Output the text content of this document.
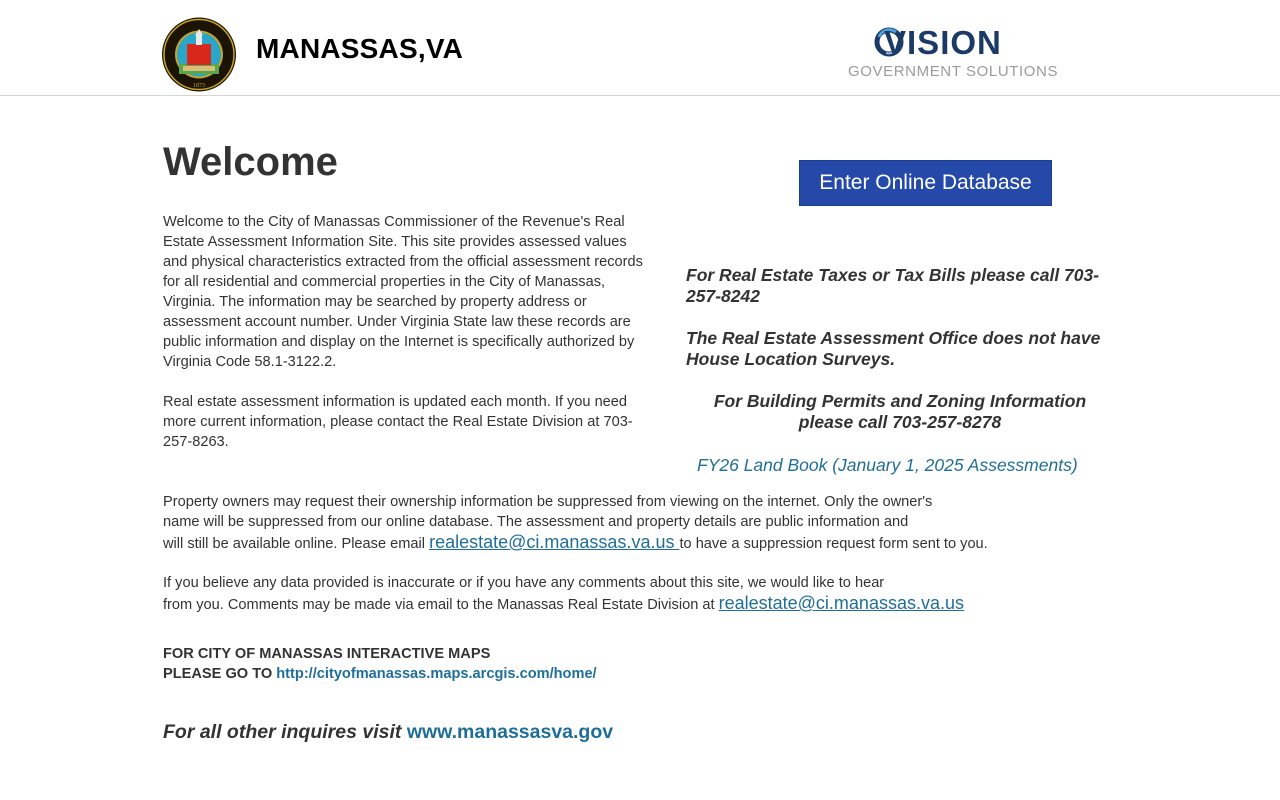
1873
MANASSAS,VA	VISION
GOVERNMENT SOLUTIONS
Welcome

Welcome to the City of Manassas Commissioner of the Revenue's Real Estate Assessment Information Site. This site provides assessed values and physical characteristics extracted from the official assessment records for all residential and commercial properties in the City of Manassas, Virginia. The information may be searched by property address or assessment account number. Under Virginia State law these records are public information and display on the Internet is specifically authorized by Virginia Code 58.1-3122.2.

Real estate assessment information is updated each month. If you need more current information, please contact the Real Estate Division at 703-257-8263.

Enter Online Database
For Real Estate Taxes or Tax Bills please call 703-257-8242
The Real Estate Assessment Office does not have House Location Surveys.
For Building Permits and Zoning Information please call 703-257-8278
FY26 Land Book (January 1, 2025 Assessments)
Property owners may request their ownership information be suppressed from viewing on the internet. Only the owner's
name will be suppressed from our online database. The assessment and property details are public information and
will still be available online. Please email realestate@ci.manassas.va.us to have a suppression request form sent to you.
If you believe any data provided is inaccurate or if you have any comments about this site, we would like to hear
from you. Comments may be made via email to the Manassas Real Estate Division at realestate@ci.manassas.va.us
FOR CITY OF MANASSAS INTERACTIVE MAPS
PLEASE GO TO http://cityofmanassas.maps.arcgis.com/home/
For all other inquires visit www.manassasva.gov
